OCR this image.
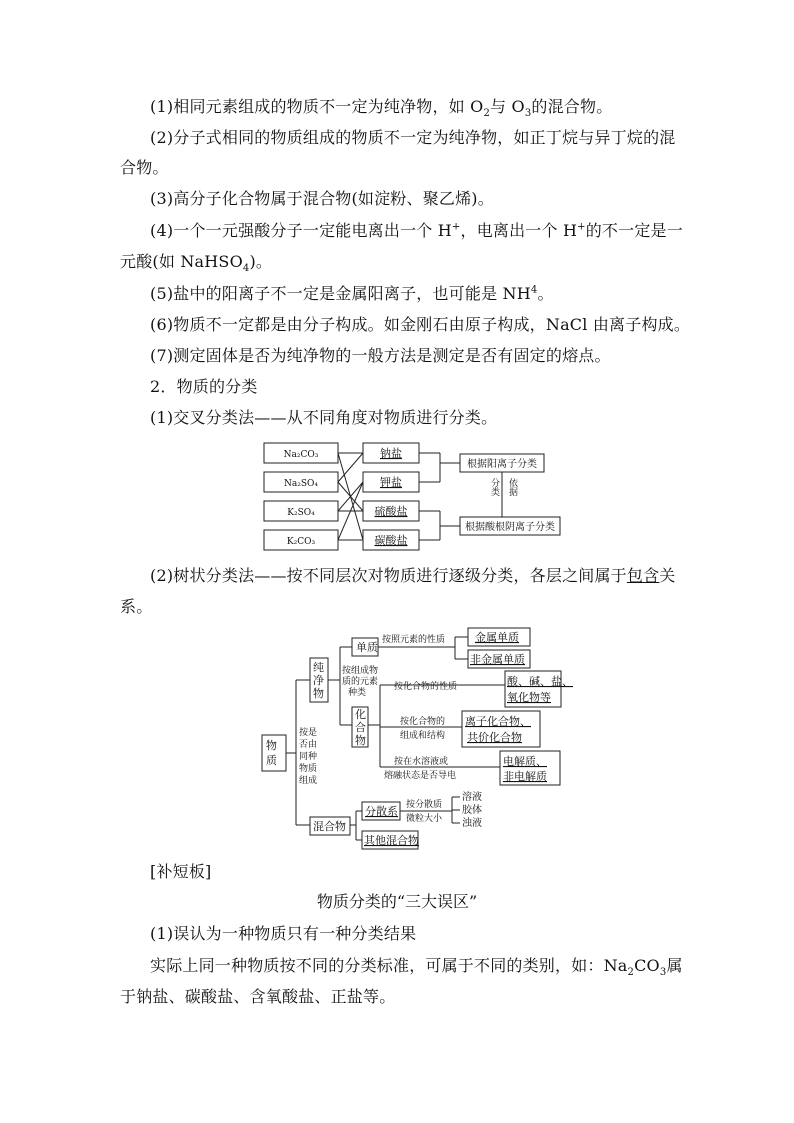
(1)相同元素组成的物质不一定为纯净物，如 $O_2$与 $O_3$的混合物。
(2)分子式相同的物质组成的物质不一定为纯净物，如正丁烷与异丁烷的混
合物。
(3)高分子化合物属于混合物(如淀粉、聚乙烯)。
(4)一个一元强酸分子一定能电离出一个 H+，电离出一个 H+的不一定是一
元酸(如 NaHSO$_4$)。
(5)盐中的阳离子不一定是金属阳离子，也可能是 $NH^4$。
(6)物质不一定都是由分子构成。如金刚石由原子构成，NaCl 由离子构成。
(7)测定固体是否为纯净物的一般方法是测定是否有固定的熔点。
2．物质的分类
(1)交叉分类法——从不同角度对物质进行分类。
Na₂CO₃
Na₂SO₄
K₂SO₄
K₂CO₃
钠盐
钾盐
硫酸盐
碳酸盐
根据阳离子分类
根据酸根阴离子分类
分类 依据
(2)树状分类法——按不同层次对物质进行逐级分类，各层之间属于包含关
系。
物
质
纯
净
物
化
合
物
按是
否由
同种
物质
组成
按组成物
质的元素
种类
按照元素的性质
按化合物的性质
按化合物的
组成和结构
按在水溶液或
熔融状态是否导电
按分散质
微粒大小
单质
金属单质
非金属单质
酸、碱、盐、
氧化物等
离子化合物、
共价化合物
电解质、
非电解质
混合物
分散系
其他混合物
溶液
胶体
浊液
[补短板]
物质分类的“三大误区”
(1)误认为一种物质只有一种分类结果
实际上同一种物质按不同的分类标准，可属于不同的类别，如：$Na_2CO_3$属
于钠盐、碳酸盐、含氧酸盐、正盐等。
